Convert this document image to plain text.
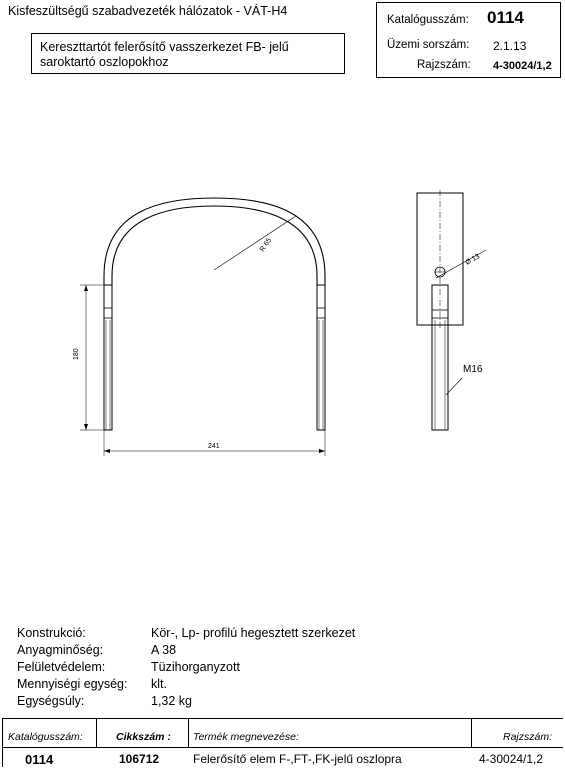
Kisfeszültségű szabadvezeték hálózatok - VÁT-H4
Kereszttartót felerősítő vasszerkezet FB- jelű
saroktartó oszlopokhoz
Katalógusszám: 0114
Üzemi sorszám: 2.1.13
Rajzszám: 4-30024/1,2
R 65
180
241
Ø 13
M16
Konstrukció:	Kör-, Lp- profilú hegesztett szerkezet
Anyagminőség:	A 38
Felületvédelem:	Tüzihorganyzott
Mennyiségi egység: klt.
Egységsúly:	1,32 kg
Katalógusszám:	Cikkszám : Termék megnevezése:	Rajzszám:
0114	106712	Felerősítő elem F-,FT-,FK-jelű oszlopra	4-30024/1,2
